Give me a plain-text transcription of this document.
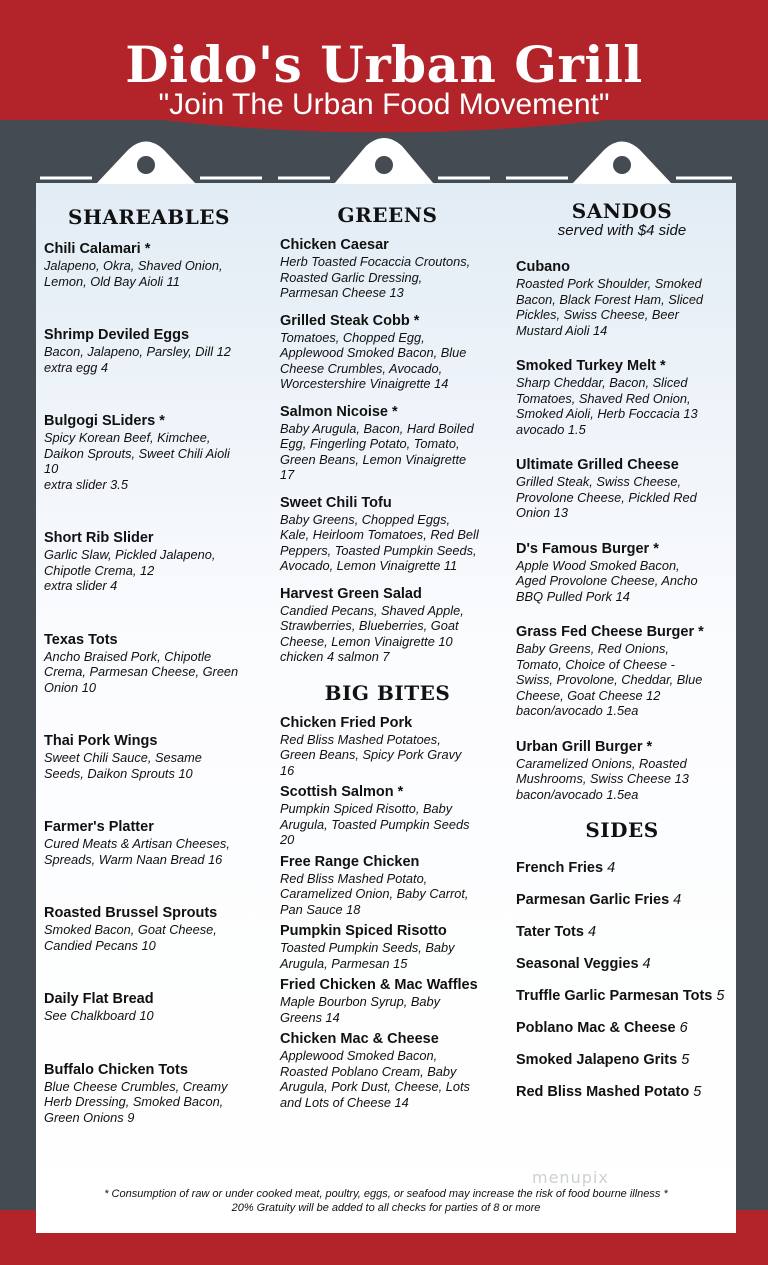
Dido's Urban Grill
"Join The Urban Food Movement"
SHAREABLES
Chili Calamari *
Jalapeno, Okra, Shaved Onion,
Lemon, Old Bay Aioli 11
Shrimp Deviled Eggs
Bacon, Jalapeno, Parsley, Dill 12
extra egg 4
Bulgogi SLiders *
Spicy Korean Beef, Kimchee,
Daikon Sprouts, Sweet Chili Aioli
10
extra slider 3.5
Short Rib Slider
Garlic Slaw, Pickled Jalapeno,
Chipotle Crema, 12
extra slider 4
Texas Tots
Ancho Braised Pork, Chipotle
Crema, Parmesan Cheese, Green
Onion 10
Thai Pork Wings
Sweet Chili Sauce, Sesame
Seeds, Daikon Sprouts 10
Farmer's Platter
Cured Meats & Artisan Cheeses,
Spreads, Warm Naan Bread 16
Roasted Brussel Sprouts
Smoked Bacon, Goat Cheese,
Candied Pecans 10
Daily Flat Bread
See Chalkboard 10
Buffalo Chicken Tots
Blue Cheese Crumbles, Creamy
Herb Dressing, Smoked Bacon,
Green Onions 9
GREENS
Chicken Caesar
Herb Toasted Focaccia Croutons,
Roasted Garlic Dressing,
Parmesan Cheese 13
Grilled Steak Cobb *
Tomatoes, Chopped Egg,
Applewood Smoked Bacon, Blue
Cheese Crumbles, Avocado,
Worcestershire Vinaigrette 14
Salmon Nicoise *
Baby Arugula, Bacon, Hard Boiled
Egg, Fingerling Potato, Tomato,
Green Beans, Lemon Vinaigrette
17
Sweet Chili Tofu
Baby Greens, Chopped Eggs,
Kale, Heirloom Tomatoes, Red Bell
Peppers, Toasted Pumpkin Seeds,
Avocado, Lemon Vinaigrette 11
Harvest Green Salad
Candied Pecans, Shaved Apple,
Strawberries, Blueberries, Goat
Cheese, Lemon Vinaigrette 10
chicken 4 salmon 7
BIG BITES
Chicken Fried Pork
Red Bliss Mashed Potatoes,
Green Beans, Spicy Pork Gravy
16
Scottish Salmon *
Pumpkin Spiced Risotto, Baby
Arugula, Toasted Pumpkin Seeds
20
Free Range Chicken
Red Bliss Mashed Potato,
Caramelized Onion, Baby Carrot,
Pan Sauce 18
Pumpkin Spiced Risotto
Toasted Pumpkin Seeds, Baby
Arugula, Parmesan 15
Fried Chicken & Mac Waffles
Maple Bourbon Syrup, Baby
Greens 14
Chicken Mac & Cheese
Applewood Smoked Bacon,
Roasted Poblano Cream, Baby
Arugula, Pork Dust, Cheese, Lots
and Lots of Cheese 14
SANDOS
served with $4 side
Cubano
Roasted Pork Shoulder, Smoked
Bacon, Black Forest Ham, Sliced
Pickles, Swiss Cheese, Beer
Mustard Aioli 14
Smoked Turkey Melt *
Sharp Cheddar, Bacon, Sliced
Tomatoes, Shaved Red Onion,
Smoked Aioli, Herb Foccacia 13
avocado 1.5
Ultimate Grilled Cheese
Grilled Steak, Swiss Cheese,
Provolone Cheese, Pickled Red
Onion 13
D's Famous Burger *
Apple Wood Smoked Bacon,
Aged Provolone Cheese, Ancho
BBQ Pulled Pork 14
Grass Fed Cheese Burger *
Baby Greens, Red Onions,
Tomato, Choice of Cheese -
Swiss, Provolone, Cheddar, Blue
Cheese, Goat Cheese 12
bacon/avocado 1.5ea
Urban Grill Burger *
Caramelized Onions, Roasted
Mushrooms, Swiss Cheese 13
bacon/avocado 1.5ea
SIDES
French Fries 4
Parmesan Garlic Fries 4
Tater Tots 4
Seasonal Veggies 4
Truffle Garlic Parmesan Tots 5
Poblano Mac & Cheese 6
Smoked Jalapeno Grits 5
Red Bliss Mashed Potato 5
menupix
* Consumption of raw or under cooked meat, poultry, eggs, or seafood may increase the risk of food bourne illness *
20% Gratuity will be added to all checks for parties of 8 or more
